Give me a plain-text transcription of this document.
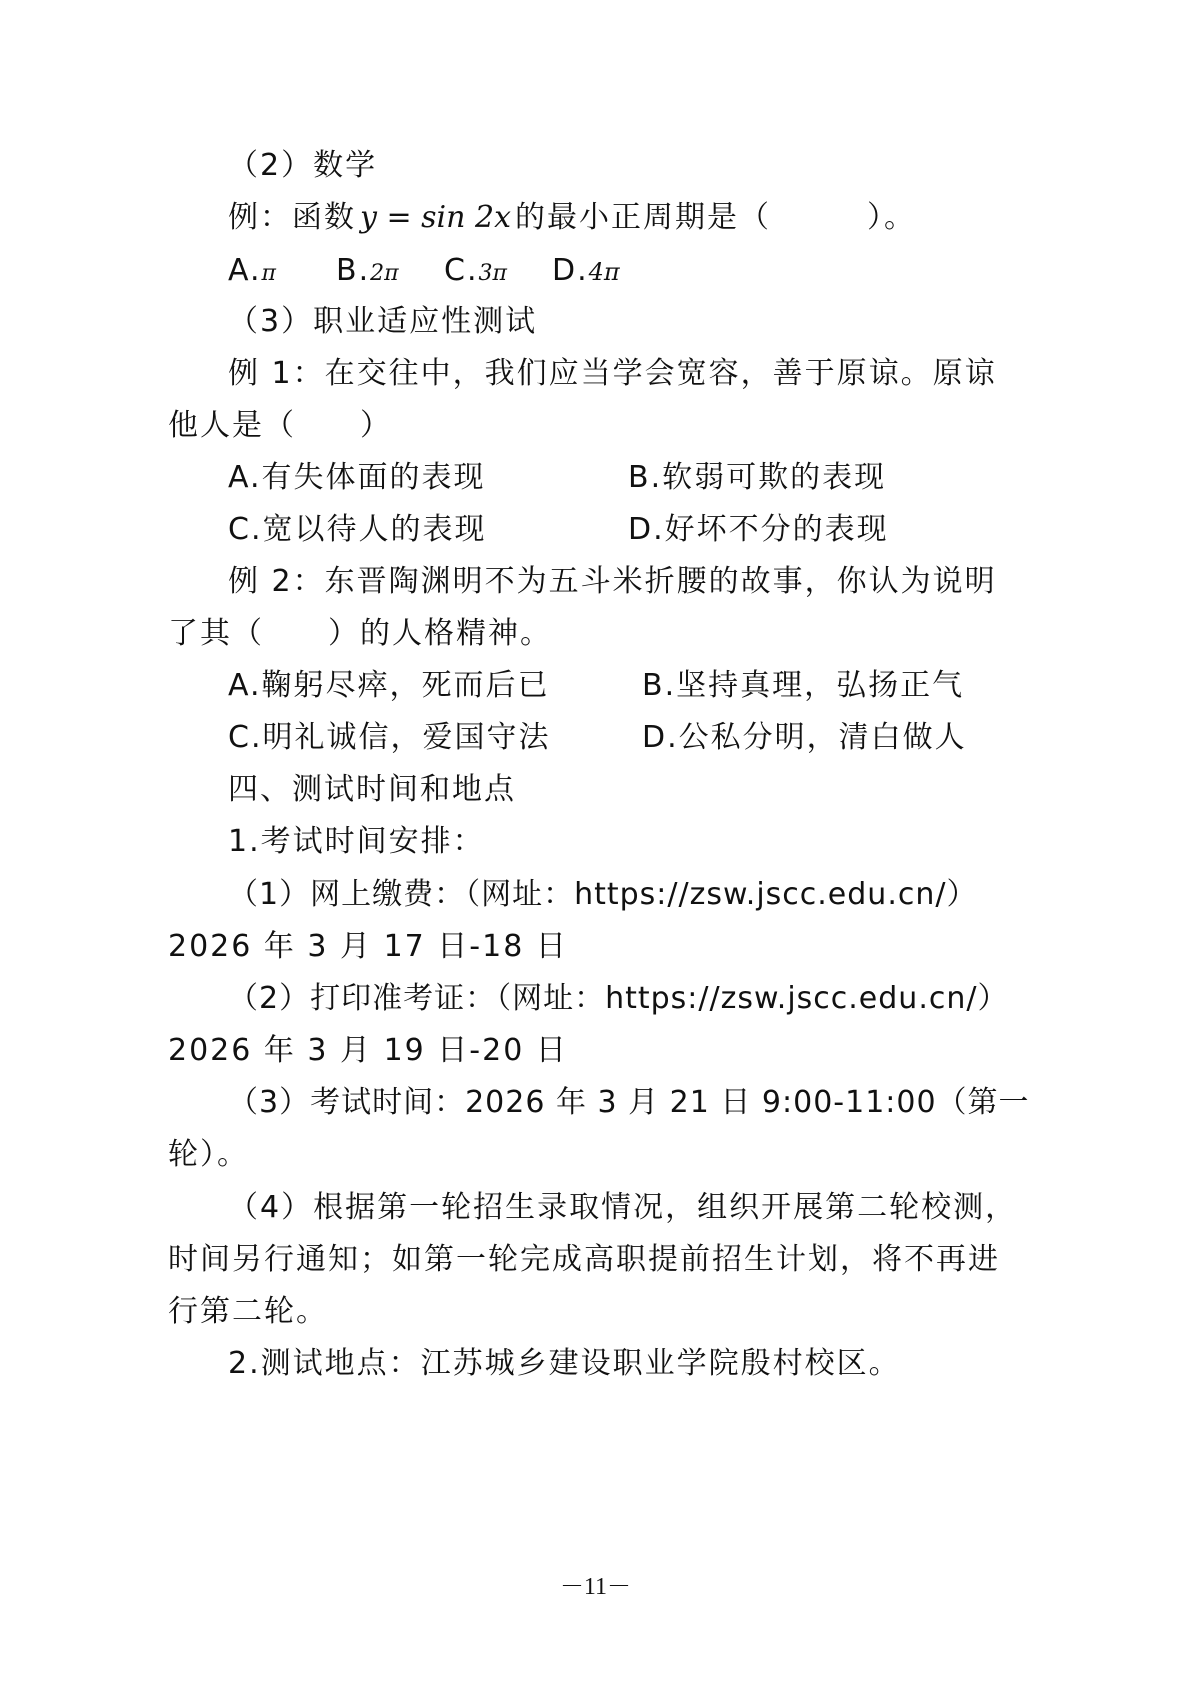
（2）数学
例：函数 y = sin 2x 的最小正周期是（　　　）。
A.π B.2π C.3π D.4π
（3）职业适应性测试
例 1：在交往中，我们应当学会宽容，善于原谅。原谅
他人是（　　）
A.有失体面的表现	B.软弱可欺的表现
C.宽以待人的表现	D.好坏不分的表现
例 2：东晋陶渊明不为五斗米折腰的故事，你认为说明
了其（　　）的人格精神。
A.鞠躬尽瘁，死而后已	B.坚持真理，弘扬正气
C.明礼诚信，爱国守法	D.公私分明，清白做人
四、测试时间和地点
1.考试时间安排：
（1）网上缴费：（网址：https://zsw.jscc.edu.cn/）
2026 年 3 月 17 日-18 日
（2）打印准考证：（网址：https://zsw.jscc.edu.cn/）
2026 年 3 月 19 日-20 日
（3）考试时间：2026 年 3 月 21 日 9:00-11:00（第一
轮）。
（4）根据第一轮招生录取情况，组织开展第二轮校测，
时间另行通知；如第一轮完成高职提前招生计划，将不再进
行第二轮。
2.测试地点：江苏城乡建设职业学院殷村校区。
－11－
